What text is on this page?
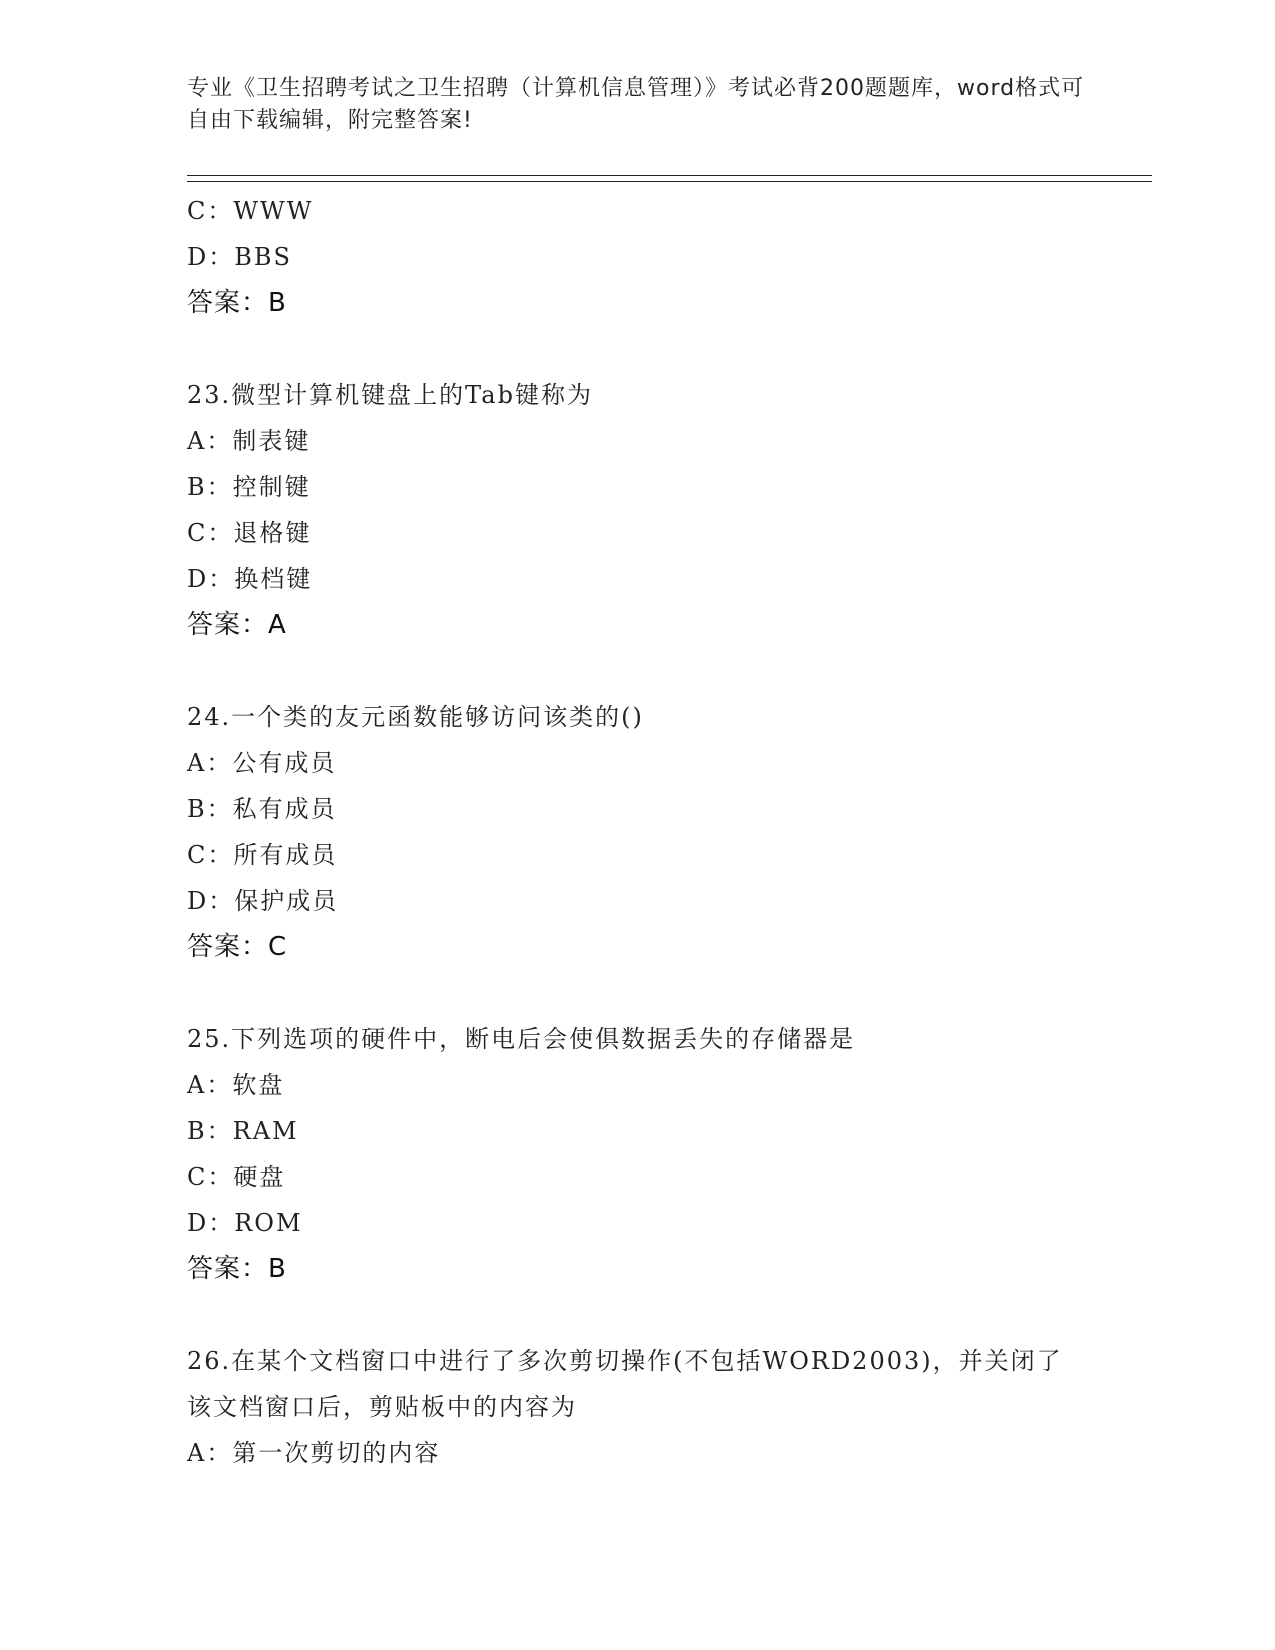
专业《卫生招聘考试之卫生招聘（计算机信息管理）》考试必背200题题库，word格式可自由下载编辑，附完整答案!
C：WWW
D：BBS
答案：B
23.微型计算机键盘上的Tab键称为
A：制表键
B：控制键
C：退格键
D：换档键
答案：A
24.一个类的友元函数能够访问该类的()
A：公有成员
B：私有成员
C：所有成员
D：保护成员
答案：C
25.下列选项的硬件中，断电后会使俱数据丢失的存储器是
A：软盘
B：RAM
C：硬盘
D：ROM
答案：B
26.在某个文档窗口中进行了多次剪切操作(不包括WORD2003)，并关闭了该文档窗口后，剪贴板中的内容为
A：第一次剪切的内容
